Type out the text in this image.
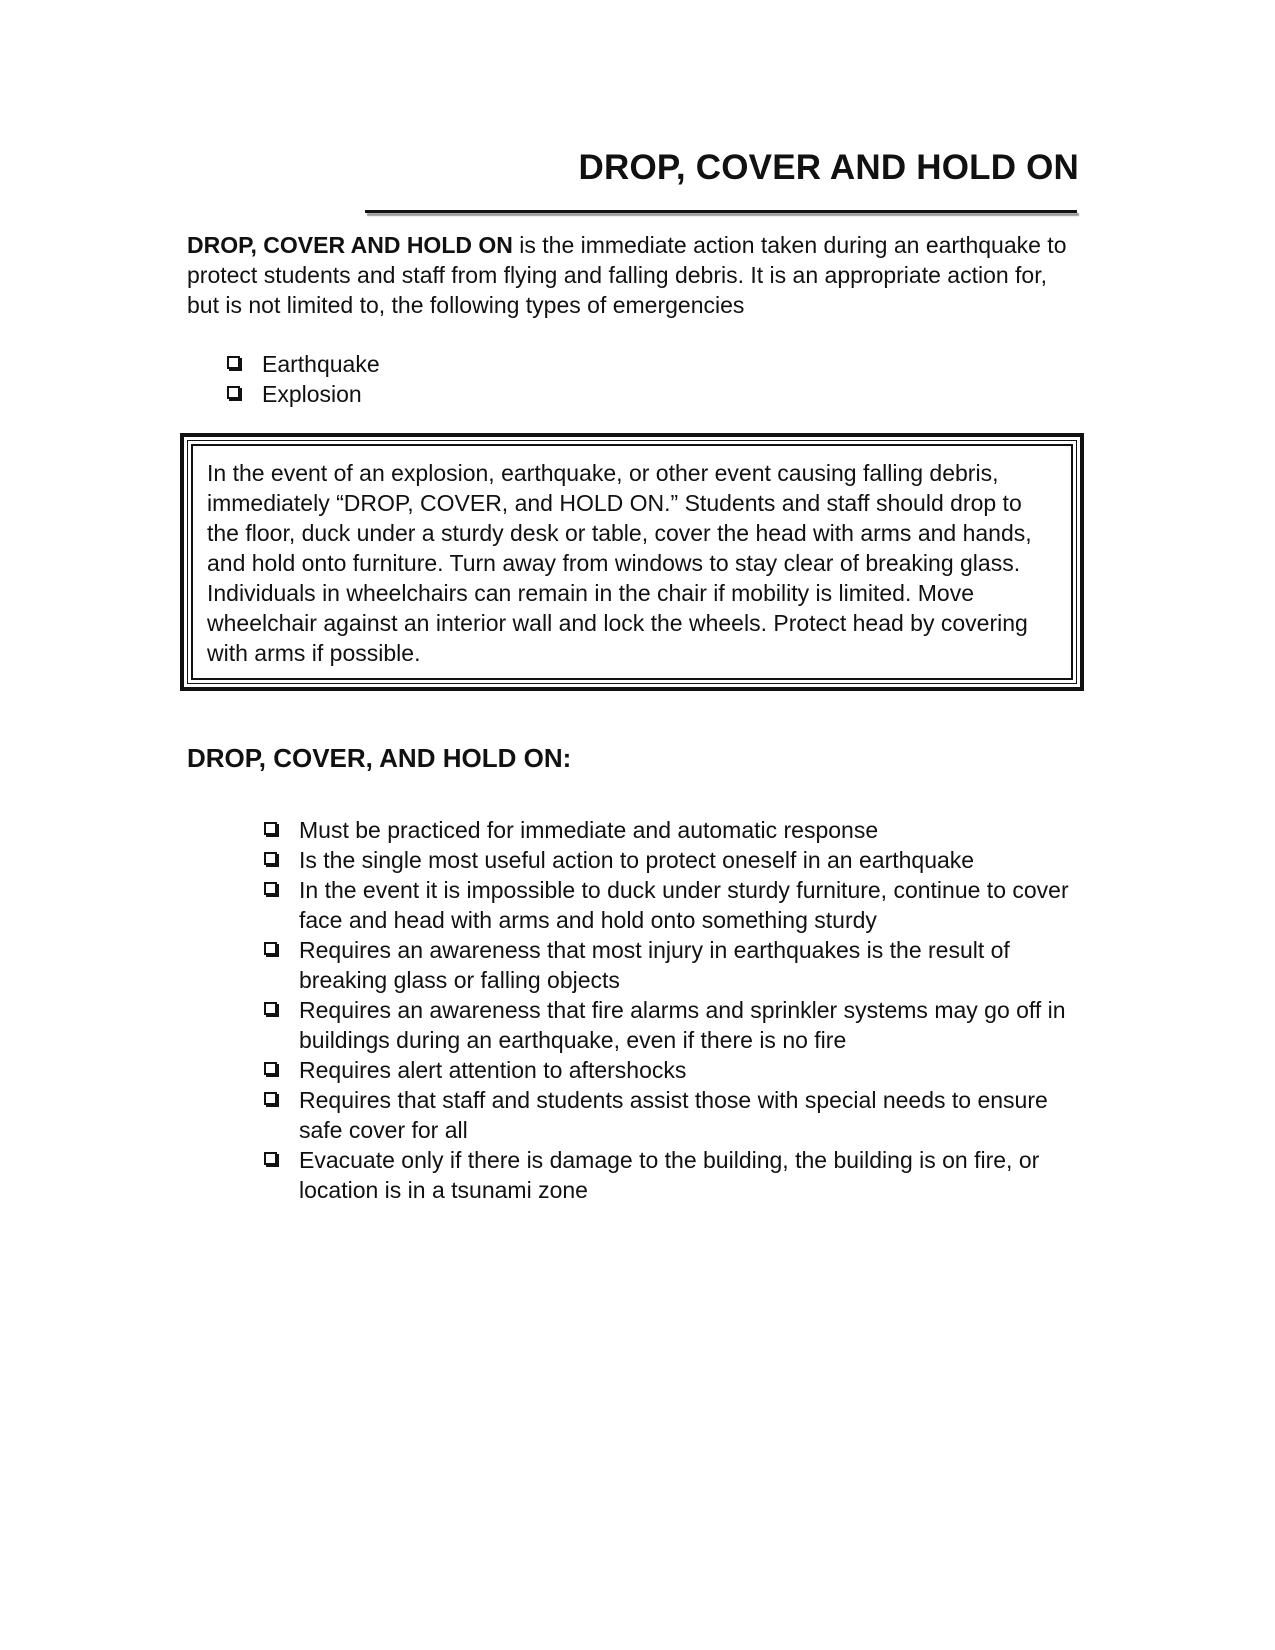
DROP, COVER AND HOLD ON

DROP, COVER AND HOLD ON is the immediate action taken during an earthquake to protect students and staff from flying and falling debris. It is an appropriate action for, but is not limited to, the following types of emergencies

Earthquake
Explosion

In the event of an explosion, earthquake, or other event causing falling debris, immediately “DROP, COVER, and HOLD ON.” Students and staff should drop to the floor, duck under a sturdy desk or table, cover the head with arms and hands, and hold onto furniture. Turn away from windows to stay clear of breaking glass. Individuals in wheelchairs can remain in the chair if mobility is limited. Move wheelchair against an interior wall and lock the wheels. Protect head by covering with arms if possible.

DROP, COVER, AND HOLD ON:
Must be practiced for immediate and automatic response
Is the single most useful action to protect oneself in an earthquake
In the event it is impossible to duck under sturdy furniture, continue to cover face and head with arms and hold onto something sturdy
Requires an awareness that most injury in earthquakes is the result of breaking glass or falling objects
Requires an awareness that fire alarms and sprinkler systems may go off in buildings during an earthquake, even if there is no fire
Requires alert attention to aftershocks
Requires that staff and students assist those with special needs to ensure safe cover for all
Evacuate only if there is damage to the building, the building is on fire, or location is in a tsunami zone
